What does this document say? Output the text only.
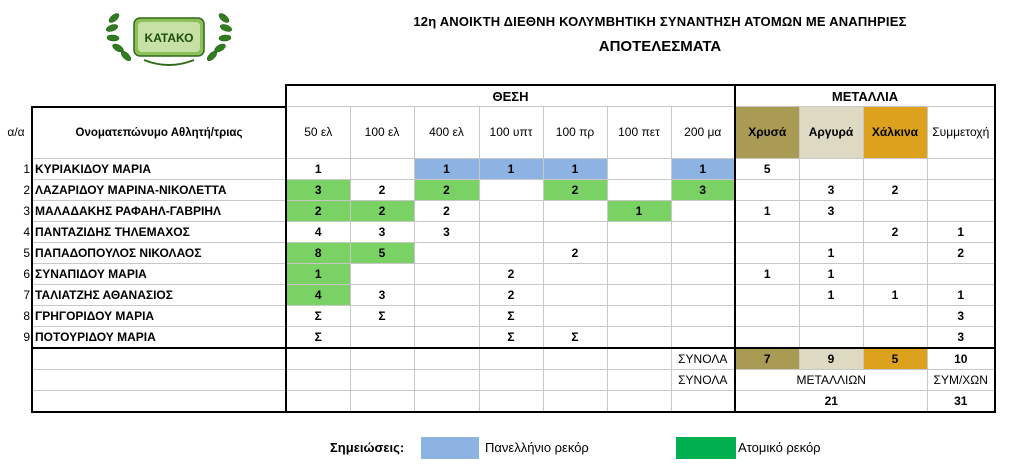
ΚΑΤΑΚΟ
12η ΑΝΟΙΚΤΗ ΔΙΕΘΝΗ ΚΟΛΥΜΒΗΤΙΚΗ ΣΥΝΑΝΤΗΣΗ ΑΤΟΜΩΝ ΜΕ ΑΝΑΠΗΡΙΕΣ
ΑΠΟΤΕΛΕΣΜΑΤΑ
		ΘΕΣΗ							ΜΕΤΑΛΛΙΑ			
α/α	Ονοματεπώνυμο Αθλητή/τριας	50 ελ	100 ελ	400 ελ	100 υπτ	100 πρ	100 πετ	200 μα	Χρυσά	Αργυρά	Χάλκινα	Συμμετοχή
1	ΚΥΡΙΑΚΙΔΟΥ ΜΑΡΙΑ	1		1	1	1		1	5			
2	ΛΑΖΑΡΙΔΟΥ ΜΑΡΙΝΑ-ΝΙΚΟΛΕΤΤΑ	3	2	2		2		3		3	2	
3	ΜΑΛΑΔΑΚΗΣ ΡΑΦΑΗΛ-ΓΑΒΡΙΗΛ	2	2	2			1		1	3		
4	ΠΑΝΤΑΖΙΔΗΣ ΤΗΛΕΜΑΧΟΣ	4	3	3							2	1
5	ΠΑΠΑΔΟΠΟΥΛΟΣ ΝΙΚΟΛΑΟΣ	8	5			2				1		2
6	ΣΥΝΑΠΙΔΟΥ ΜΑΡΙΑ	1			2				1	1		
7	ΤΑΛΙΑΤΖΗΣ ΑΘΑΝΑΣΙΟΣ	4	3		2					1	1	1
8	ΓΡΗΓΟΡΙΔΟΥ ΜΑΡΙΑ	Σ	Σ		Σ							3
9	ΠΟΤΟΥΡΙΔΟΥ ΜΑΡΙΑ	Σ			Σ	Σ						3
								ΣΥΝΟΛΑ	7	9	5	10
								ΣΥΝΟΛΑ	ΜΕΤΑΛΛΙΩΝ			ΣΥΜ/ΧΩΝ
									21			31
Σημειώσεις:	Πανελλήνιο ρεκόρ	Ατομικό ρεκόρ
